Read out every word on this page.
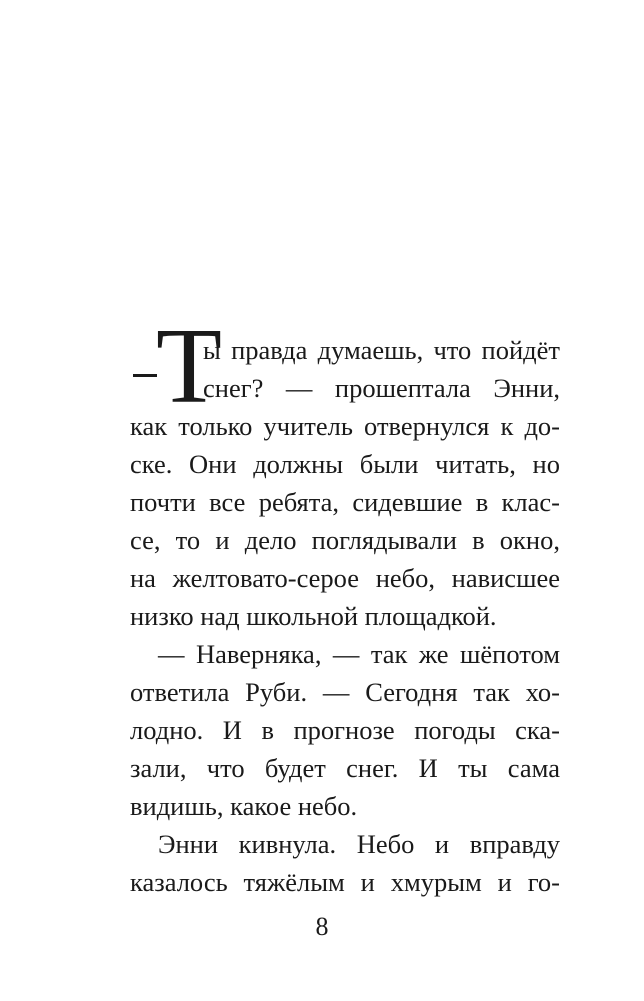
Т
ы правда думаешь, что пойдёт
снег? — прошептала Энни,
как только учитель отвернулся к до-
ске. Они должны были читать, но
почти все ребята, сидевшие в клас-
се, то и дело поглядывали в окно,
на желтовато-серое небо, нависшее
низко над школьной площадкой.
— Наверняка, — так же шёпотом
ответила Руби. — Сегодня так хо-
лодно. И в прогнозе погоды ска-
зали, что будет снег. И ты сама
видишь, какое небо.
Энни кивнула. Небо и вправду
казалось тяжёлым и хмурым и го-
8
